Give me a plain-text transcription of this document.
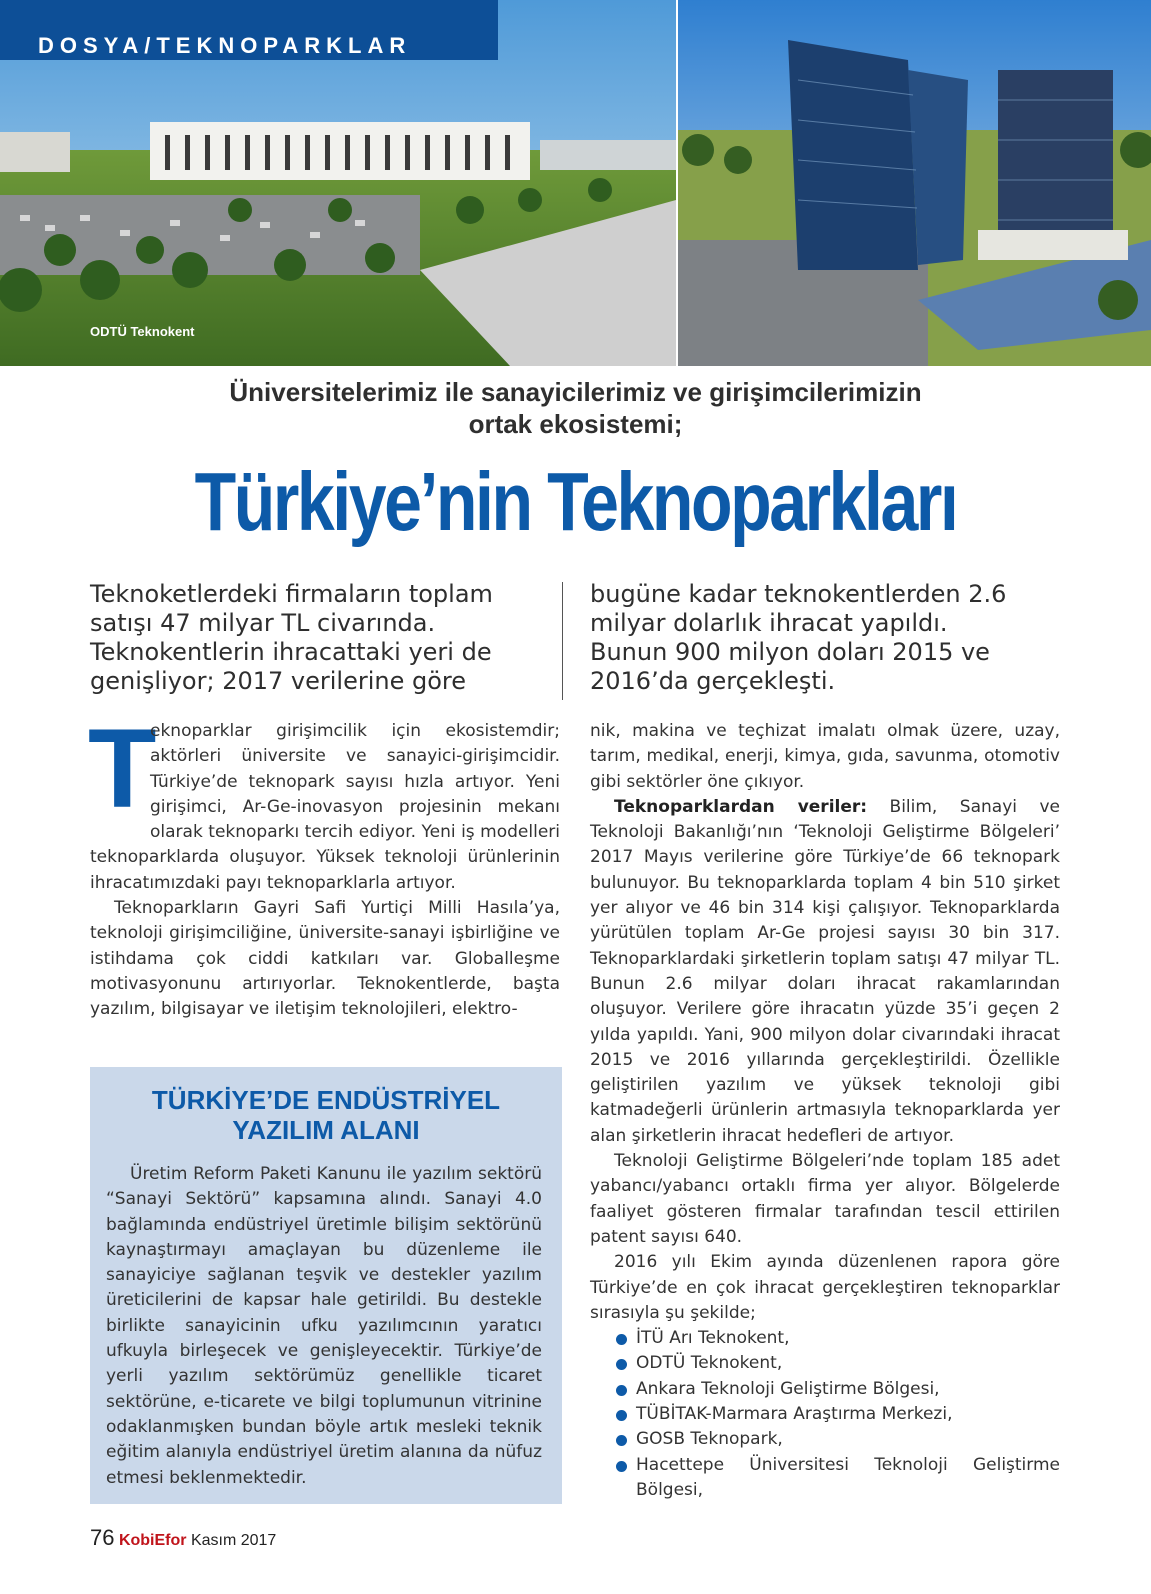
DOSYA/TEKNOPARKLAR
ODTÜ Teknokent
Üniversitelerimiz ile sanayicilerimiz ve girişimcilerimizin
ortak ekosistemi;
Türkiye’nin Teknoparkları
Teknoketlerdeki firmaların toplam satışı 47 milyar TL civarında. Teknokentlerin ihracattaki yeri de genişliyor; 2017 verilerine göre
bugüne kadar teknokentlerden 2.6 milyar dolarlık ihracat yapıldı. Bunun 900 milyon doları 2015 ve 2016’da gerçekleşti.

T
eknoparklar girişimcilik için ekosistemdir; aktörleri üniversite ve sanayici-girişimcidir. Türkiye’de teknopark sayısı hızla artıyor. Yeni girişimci, Ar-Ge-inovasyon projesinin mekanı olarak teknoparkı tercih ediyor. Yeni iş modelleri teknoparklarda oluşuyor. Yüksek teknoloji ürünlerinin ihracatımızdaki payı teknoparklarla artıyor.

Teknoparkların Gayri Safi Yurtiçi Milli Hasıla’ya, teknoloji girişimciliğine, üniversite-sanayi işbirliğine ve istihdama çok ciddi katkıları var. Globalleşme motivasyonunu artırıyorlar. Teknokentlerde, başta yazılım, bilgisayar ve iletişim teknolojileri, elektro-

TÜRKİYE’DE ENDÜSTRİYEL
YAZILIM ALANI
Üretim Reform Paketi Kanunu ile yazılım sektörü “Sanayi Sektörü” kapsamına alındı. Sanayi 4.0 bağlamında endüstriyel üretimle bilişim sektörünü kaynaştırmayı amaçlayan bu düzenleme ile sanayiciye sağlanan teşvik ve destekler yazılım üreticilerini de kapsar hale getirildi. Bu destekle birlikte sanayicinin ufku yazılımcının yaratıcı ufkuyla birleşecek ve genişleyecektir. Türkiye’de yerli yazılım sektörümüz genellikle ticaret sektörüne, e-ticarete ve bilgi toplumunun vitrinine odaklanmışken bundan böyle artık mesleki teknik eğitim alanıyla endüstriyel üretim alanına da nüfuz etmesi beklenmektedir.

nik, makina ve teçhizat imalatı olmak üzere, uzay, tarım, medikal, enerji, kimya, gıda, savunma, otomotiv gibi sektörler öne çıkıyor.

Teknoparklardan veriler: Bilim, Sanayi ve Teknoloji Bakanlığı’nın ‘Teknoloji Geliştirme Bölgeleri’ 2017 Mayıs verilerine göre Türkiye’de 66 teknopark bulunuyor. Bu teknoparklarda toplam 4 bin 510 şirket yer alıyor ve 46 bin 314 kişi çalışıyor. Teknoparklarda yürütülen toplam Ar-Ge projesi sayısı 30 bin 317. Teknoparklardaki şirketlerin toplam satışı 47 milyar TL. Bunun 2.6 milyar doları ihracat rakamlarından oluşuyor. Verilere göre ihracatın yüzde 35’i geçen 2 yılda yapıldı. Yani, 900 milyon dolar civarındaki ihracat 2015 ve 2016 yıllarında gerçekleştirildi. Özellikle geliştirilen yazılım ve yüksek teknoloji gibi katmadeğerli ürünlerin artmasıyla teknoparklarda yer alan şirketlerin ihracat hedefleri de artıyor.

Teknoloji Geliştirme Bölgeleri’nde toplam 185 adet yabancı/yabancı ortaklı firma yer alıyor. Bölgelerde faaliyet gösteren firmalar tarafından tescil ettirilen patent sayısı 640.

2016 yılı Ekim ayında düzenlenen rapora göre Türkiye’de en çok ihracat gerçekleştiren teknoparklar sırasıyla şu şekilde;

İTÜ Arı Teknokent,
ODTÜ Teknokent,
Ankara Teknoloji Geliştirme Bölgesi,
TÜBİTAK-Marmara Araştırma Merkezi,
GOSB Teknopark,
Hacettepe Üniversitesi Teknoloji Geliştirme Bölgesi,
76 KobiEfor Kasım 2017
